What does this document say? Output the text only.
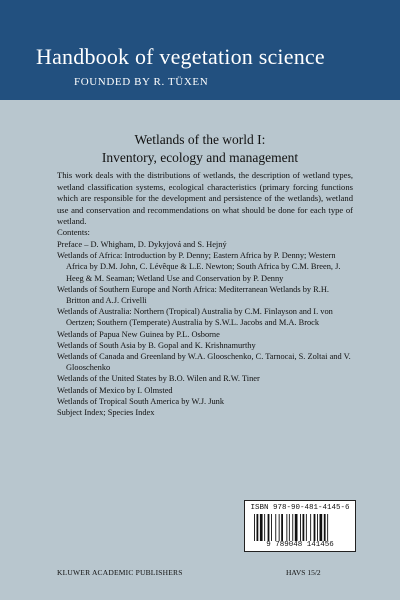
Handbook of vegetation science
FOUNDED BY R. TÜXEN
Wetlands of the world I:
Inventory, ecology and management
This work deals with the distributions of wetlands, the description of wetland types, wetland classification systems, ecological characteristics (primary forcing functions which are responsible for the development and persistence of the wetlands), wetland use and conservation and recommendations on what should be done for each type of wetland.
Contents:
Preface – D. Whigham, D. Dykyjová and S. Hejný
Wetlands of Africa: Introduction by P. Denny; Eastern Africa by P. Denny; Western Africa by D.M. John, C. Lévêque & L.E. Newton; South Africa by C.M. Breen, J. Heeg & M. Seaman; Wetland Use and Conservation by P. Denny
Wetlands of Southern Europe and North Africa: Mediterranean Wetlands by R.H. Britton and A.J. Crivelli
Wetlands of Australia: Northern (Tropical) Australia by C.M. Finlayson and I. von Oertzen; Southern (Temperate) Australia by S.W.L. Jacobs and M.A. Brock
Wetlands of Papua New Guinea by P.L. Osborne
Wetlands of South Asia by B. Gopal and K. Krishnamurthy
Wetlands of Canada and Greenland by W.A. Glooschenko, C. Tarnocai, S. Zoltai and V. Glooschenko
Wetlands of the United States by B.O. Wilen and R.W. Tiner
Wetlands of Mexico by I. Olmsted
Wetlands of Tropical South America by W.J. Junk
Subject Index; Species Index
ISBN 978-90-481-4145-6
9 789048 141456
KLUWER ACADEMIC PUBLISHERS	HAVS 15/2
